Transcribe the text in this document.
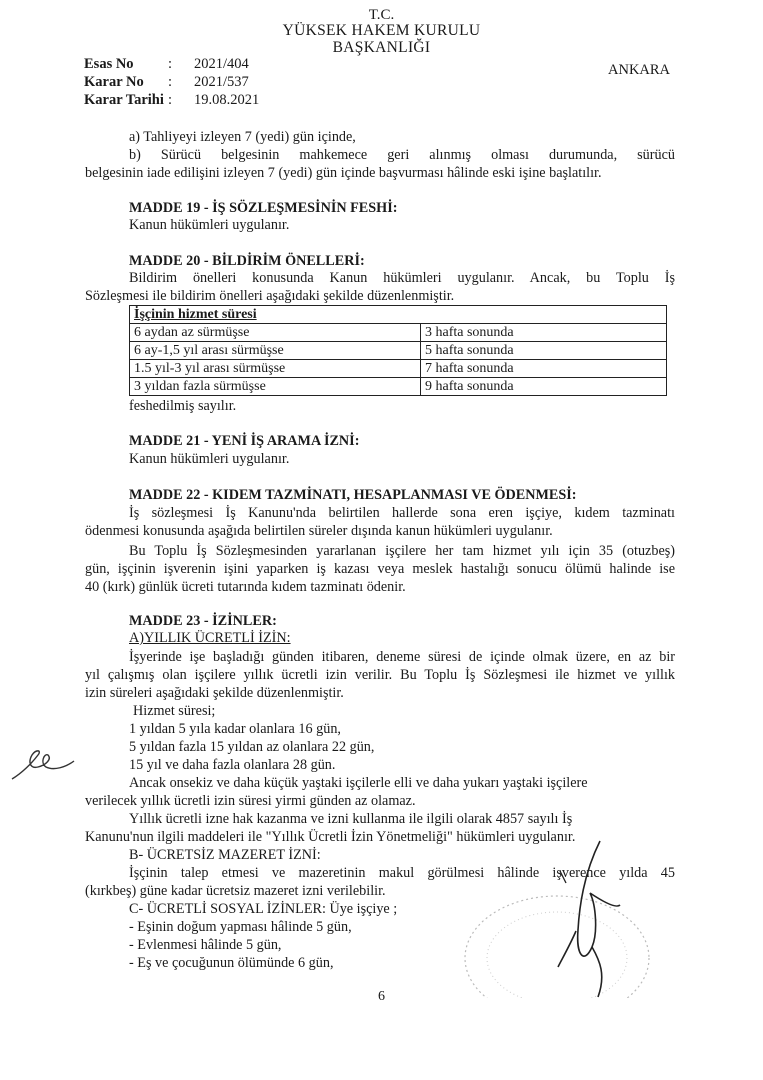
T.C.
YÜKSEK HAKEM KURULU
BAŞKANLIĞI
Esas No	:	2021/404
Karar No	:	2021/537
Karar Tarihi :	19.08.2021
ANKARA
a) Tahliyeyi izleyen 7 (yedi) gün içinde,
b) Sürücü belgesinin mahkemece geri alınmış olması durumunda, sürücü
belgesinin iade edilişini izleyen 7 (yedi) gün içinde başvurması hâlinde eski işine başlatılır.
MADDE 19 - İŞ SÖZLEŞMESİNİN FESHİ:
Kanun hükümleri uygulanır.
MADDE 20 - BİLDİRİM ÖNELLERİ:
Bildirim önelleri konusunda Kanun hükümleri uygulanır. Ancak, bu Toplu İş
Sözleşmesi ile bildirim önelleri aşağıdaki şekilde düzenlenmiştir.
İşçinin hizmet süresi	
6 aydan az sürmüşse	3 hafta sonunda
6 ay-1,5 yıl arası sürmüşse	5 hafta sonunda
1.5 yıl-3 yıl arası sürmüşse	7 hafta sonunda
3 yıldan fazla sürmüşse	9 hafta sonunda
feshedilmiş sayılır.
MADDE 21 - YENİ İŞ ARAMA İZNİ:
Kanun hükümleri uygulanır.
MADDE 22 - KIDEM TAZMİNATI, HESAPLANMASI VE ÖDENMESİ:
İş sözleşmesi İş Kanunu'nda belirtilen hallerde sona eren işçiye, kıdem tazminatı
ödenmesi konusunda aşağıda belirtilen süreler dışında kanun hükümleri uygulanır.
Bu Toplu İş Sözleşmesinden yararlanan işçilere her tam hizmet yılı için 35 (otuzbeş)
gün, işçinin işverenin işini yaparken iş kazası veya meslek hastalığı sonucu ölümü halinde ise
40 (kırk) günlük ücreti tutarında kıdem tazminatı ödenir.
MADDE 23 - İZİNLER:
A)YILLIK ÜCRETLİ İZİN:
İşyerinde işe başladığı günden itibaren, deneme süresi de içinde olmak üzere, en az bir
yıl çalışmış olan işçilere yıllık ücretli izin verilir. Bu Toplu İş Sözleşmesi ile hizmet ve yıllık
izin süreleri aşağıdaki şekilde düzenlenmiştir.
Hizmet süresi;
1 yıldan 5 yıla kadar olanlara 16 gün,
5 yıldan fazla 15 yıldan az olanlara 22 gün,
15 yıl ve daha fazla olanlara 28 gün.
Ancak onsekiz ve daha küçük yaştaki işçilerle elli ve daha yukarı yaştaki işçilere
verilecek yıllık ücretli izin süresi yirmi günden az olamaz.
Yıllık ücretli izne hak kazanma ve izni kullanma ile ilgili olarak 4857 sayılı İş
Kanunu'nun ilgili maddeleri ile "Yıllık Ücretli İzin Yönetmeliği" hükümleri uygulanır.
B- ÜCRETSİZ MAZERET İZNİ:
İşçinin talep etmesi ve mazeretinin makul görülmesi hâlinde işverence yılda 45
(kırkbeş) güne kadar ücretsiz mazeret izni verilebilir.
C- ÜCRETLİ SOSYAL İZİNLER: Üye işçiye ;
- Eşinin doğum yapması hâlinde 5 gün,
- Evlenmesi hâlinde 5 gün,
- Eş ve çocuğunun ölümünde 6 gün,
6
